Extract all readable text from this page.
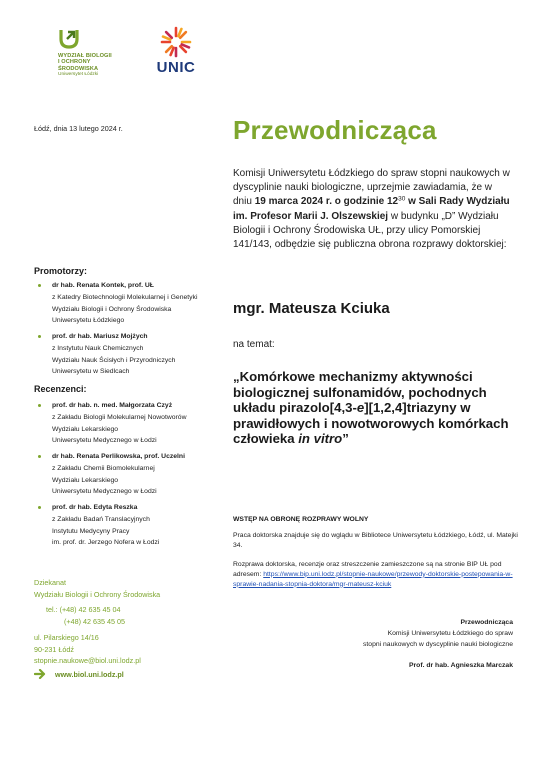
WYDZIAŁ BIOLOGII
I OCHRONY
ŚRODOWISKA
Uniwersytet Łódzki	UNIC
Łódź, dnia 13 lutego 2024 r.	Przewodnicząca
Komisji Uniwersytetu Łódzkiego do spraw stopni naukowych w dyscyplinie nauki biologiczne, uprzejmie zawiadamia, że w dniu 19 marca 2024 r. o godzinie $12^{30}$ w Sali Rady Wydziału im. Profesor Marii J. Olszewskiej w budynku „D” Wydziału Biologii i Ochrony Środowiska UŁ, przy ulicy Pomorskiej 141/143, odbędzie się publiczna obrona rozprawy doktorskiej:
Promotorzy:
dr hab. Renata Kontek, prof. UŁ
z Katedry Biotechnologii Molekularnej i Genetyki
Wydziału Biologii i Ochrony Środowiska
Uniwersytetu Łódzkiego
prof. dr hab. Mariusz Mojżych
z Instytutu Nauk Chemicznych
Wydziału Nauk Ścisłych i Przyrodniczych
Uniwersytetu w Siedlcach
Recenzenci:
prof. dr hab. n. med. Małgorzata Czyż
z Zakładu Biologii Molekularnej Nowotworów
Wydziału Lekarskiego
Uniwersytetu Medycznego w Łodzi
dr hab. Renata Perlikowska, prof. Uczelni
z Zakładu Chemii Biomolekularnej
Wydziału Lekarskiego
Uniwersytetu Medycznego w Łodzi
prof. dr hab. Edyta Reszka
z Zakładu Badań Translacyjnych
Instytutu Medycyny Pracy
im. prof. dr. Jerzego Nofera w Łodzi
mgr. Mateusza Kciuka
na temat:
„Komórkowe mechanizmy aktywności biologicznej sulfonamidów, pochodnych układu pirazolo[4,3-e][1,2,4]triazyny w prawidłowych i nowotworowych komórkach człowieka in vitro”
WSTĘP NA OBRONĘ ROZPRAWY WOLNY
Praca doktorska znajduje się do wglądu w Bibliotece Uniwersytetu Łódzkiego, Łódź, ul. Matejki 34.
Rozprawa doktorska, recenzje oraz streszczenie zamieszczone są na stronie BIP UŁ pod adresem: https://www.bip.uni.lodz.pl/stopnie-naukowe/przewody-doktorskie-postepowania-w-sprawie-nadania-stopnia-doktora/mgr-mateusz-kciuk
Dziekanat
Wydziału Biologii i Ochrony Środowiska
tel.: (+48) 42 635 45 04
(+48) 42 635 45 05
ul. Pilarskiego 14/16
90-231 Łódź
stopnie.naukowe@biol.uni.lodz.pl
www.biol.uni.lodz.pl
Przewodnicząca
Komisji Uniwersytetu Łódzkiego do spraw
stopni naukowych w dyscyplinie nauki biologiczne
Prof. dr hab. Agnieszka Marczak
